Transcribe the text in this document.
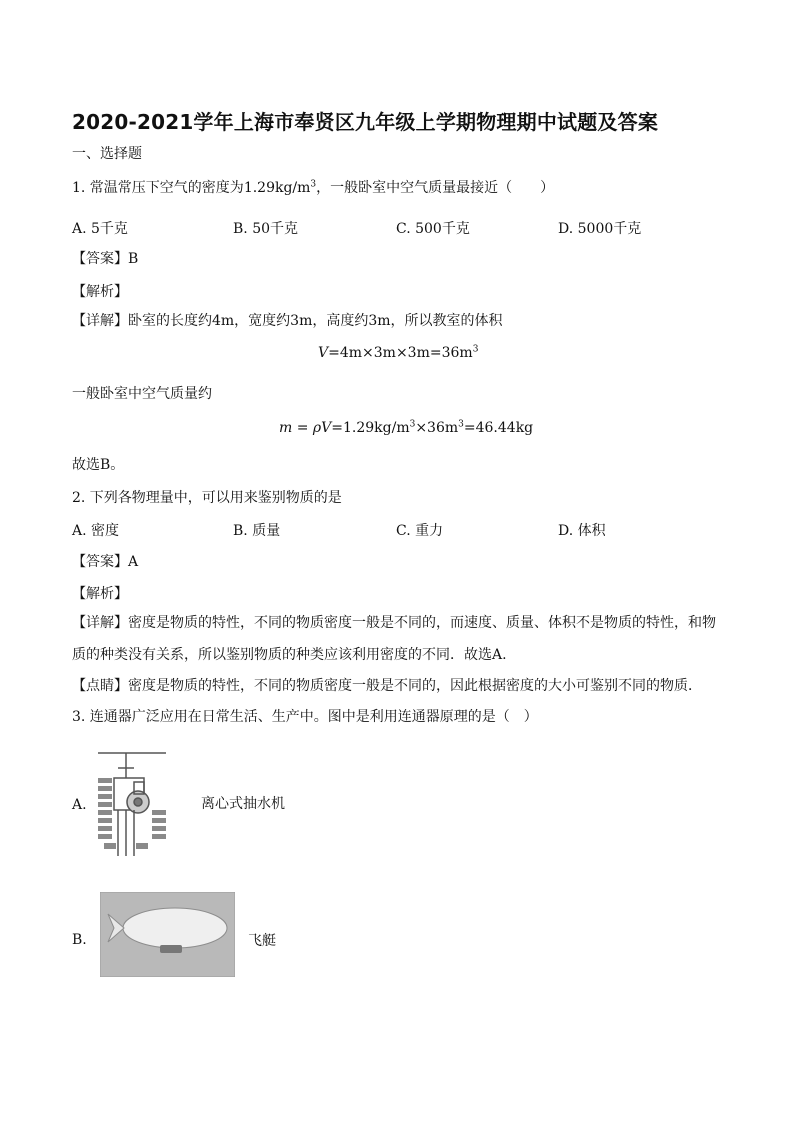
2020-2021学年上海市奉贤区九年级上学期物理期中试题及答案
一、选择题
1. 常温常压下空气的密度为$1.29kg/m^3$，一般卧室中空气质量最接近（　　）
A. 5千克	B. 50千克	C. 500千克	D. 5000千克
【答案】B
【解析】
【详解】卧室的长度约4m，宽度约3m，高度约3m，所以教室的体积
$V=4m\times 3m\times 3m=36m^3$
一般卧室中空气质量约
$m = \rho V=1.29kg/m^3\times 36m^3=46.44kg$
故选B。
2. 下列各物理量中，可以用来鉴别物质的是
A. 密度	B. 质量	C. 重力	D. 体积
【答案】A
【解析】
【详解】密度是物质的特性，不同的物质密度一般是不同的，而速度、质量、体积不是物质的特性，和物
质的种类没有关系，所以鉴别物质的种类应该利用密度的不同．故选A.
【点睛】密度是物质的特性，不同的物质密度一般是不同的，因此根据密度的大小可鉴别不同的物质．
3. 连通器广泛应用在日常生活、生产中。图中是利用连通器原理的是（　）
A.	离心式抽水机
B.	飞艇
